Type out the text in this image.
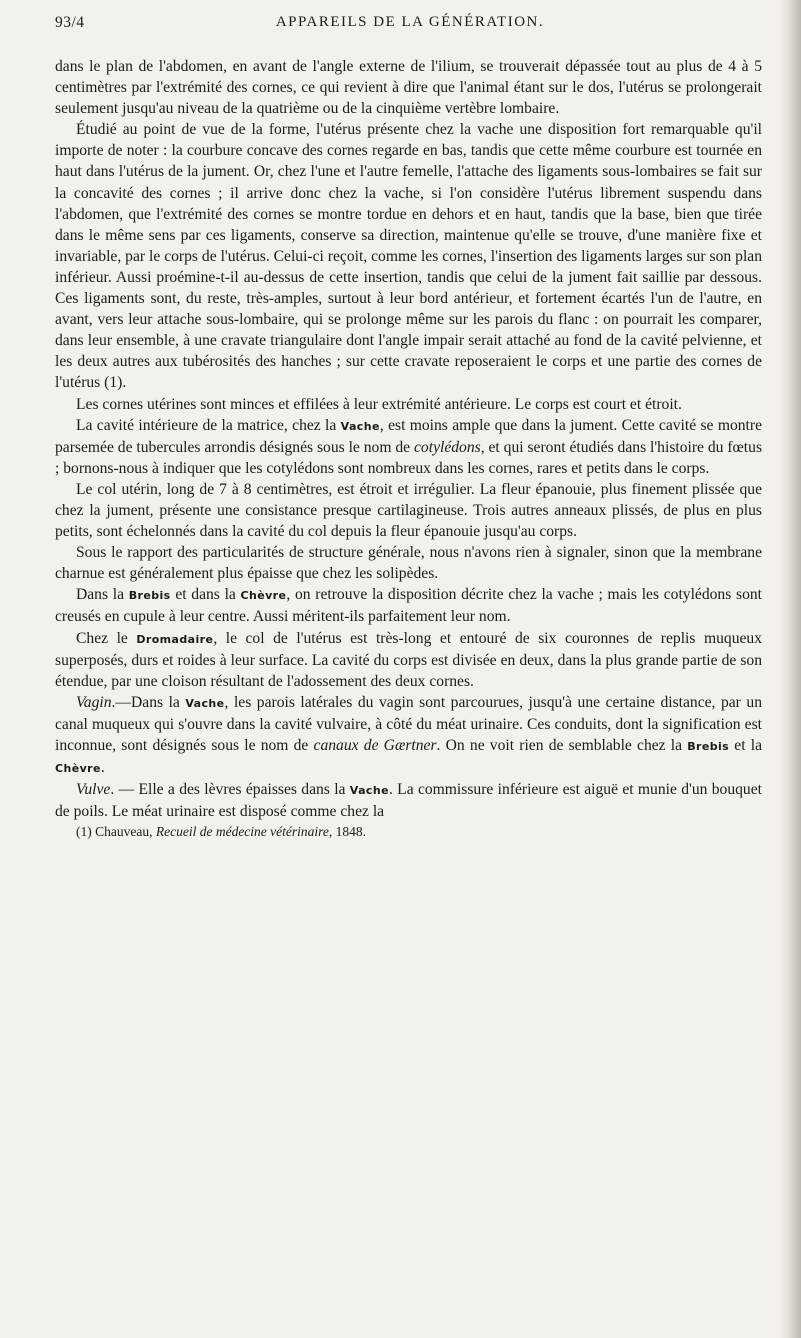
93/4	APPAREILS DE LA GÉNÉRATION.

dans le plan de l'abdomen, en avant de l'angle externe de l'ilium, se trouverait dépassée tout au plus de 4 à 5 centimètres par l'extrémité des cornes, ce qui revient à dire que l'animal étant sur le dos, l'utérus se prolongerait seulement jusqu'au niveau de la quatrième ou de la cinquième vertèbre lombaire.

Étudié au point de vue de la forme, l'utérus présente chez la vache une disposition fort remarquable qu'il importe de noter : la courbure concave des cornes regarde en bas, tandis que cette même courbure est tournée en haut dans l'utérus de la jument. Or, chez l'une et l'autre femelle, l'attache des ligaments sous-lombaires se fait sur la concavité des cornes ; il arrive donc chez la vache, si l'on considère l'utérus librement suspendu dans l'abdomen, que l'extrémité des cornes se montre tordue en dehors et en haut, tandis que la base, bien que tirée dans le même sens par ces ligaments, conserve sa direction, maintenue qu'elle se trouve, d'une manière fixe et invariable, par le corps de l'utérus. Celui-ci reçoit, comme les cornes, l'insertion des ligaments larges sur son plan inférieur. Aussi proémine-t-il au-dessus de cette insertion, tandis que celui de la jument fait saillie par dessous. Ces ligaments sont, du reste, très-amples, surtout à leur bord antérieur, et fortement écartés l'un de l'autre, en avant, vers leur attache sous-lombaire, qui se prolonge même sur les parois du flanc : on pourrait les comparer, dans leur ensemble, à une cravate triangulaire dont l'angle impair serait attaché au fond de la cavité pelvienne, et les deux autres aux tubérosités des hanches ; sur cette cravate reposeraient le corps et une partie des cornes de l'utérus (1).

Les cornes utérines sont minces et effilées à leur extrémité antérieure. Le corps est court et étroit.

La cavité intérieure de la matrice, chez la Vache, est moins ample que dans la jument. Cette cavité se montre parsemée de tubercules arrondis désignés sous le nom de cotylédons, et qui seront étudiés dans l'histoire du fœtus ; bornons-nous à indiquer que les cotylédons sont nombreux dans les cornes, rares et petits dans le corps.

Le col utérin, long de 7 à 8 centimètres, est étroit et irrégulier. La fleur épanouie, plus finement plissée que chez la jument, présente une consistance presque cartilagineuse. Trois autres anneaux plissés, de plus en plus petits, sont échelonnés dans la cavité du col depuis la fleur épanouie jusqu'au corps.

Sous le rapport des particularités de structure générale, nous n'avons rien à signaler, sinon que la membrane charnue est généralement plus épaisse que chez les solipèdes.

Dans la Brebis et dans la Chèvre, on retrouve la disposition décrite chez la vache ; mais les cotylédons sont creusés en cupule à leur centre. Aussi méritent-ils parfaitement leur nom.

Chez le Dromadaire, le col de l'utérus est très-long et entouré de six couronnes de replis muqueux superposés, durs et roides à leur surface. La cavité du corps est divisée en deux, dans la plus grande partie de son étendue, par une cloison résultant de l'adossement des deux cornes.

Vagin.—Dans la Vache, les parois latérales du vagin sont parcourues, jusqu'à une certaine distance, par un canal muqueux qui s'ouvre dans la cavité vulvaire, à côté du méat urinaire. Ces conduits, dont la signification est inconnue, sont désignés sous le nom de canaux de Gærtner. On ne voit rien de semblable chez la Brebis et la Chèvre.

Vulve. — Elle a des lèvres épaisses dans la Vache. La commissure inférieure est aiguë et munie d'un bouquet de poils. Le méat urinaire est disposé comme chez la

(1) Chauveau, Recueil de médecine vétérinaire, 1848.
